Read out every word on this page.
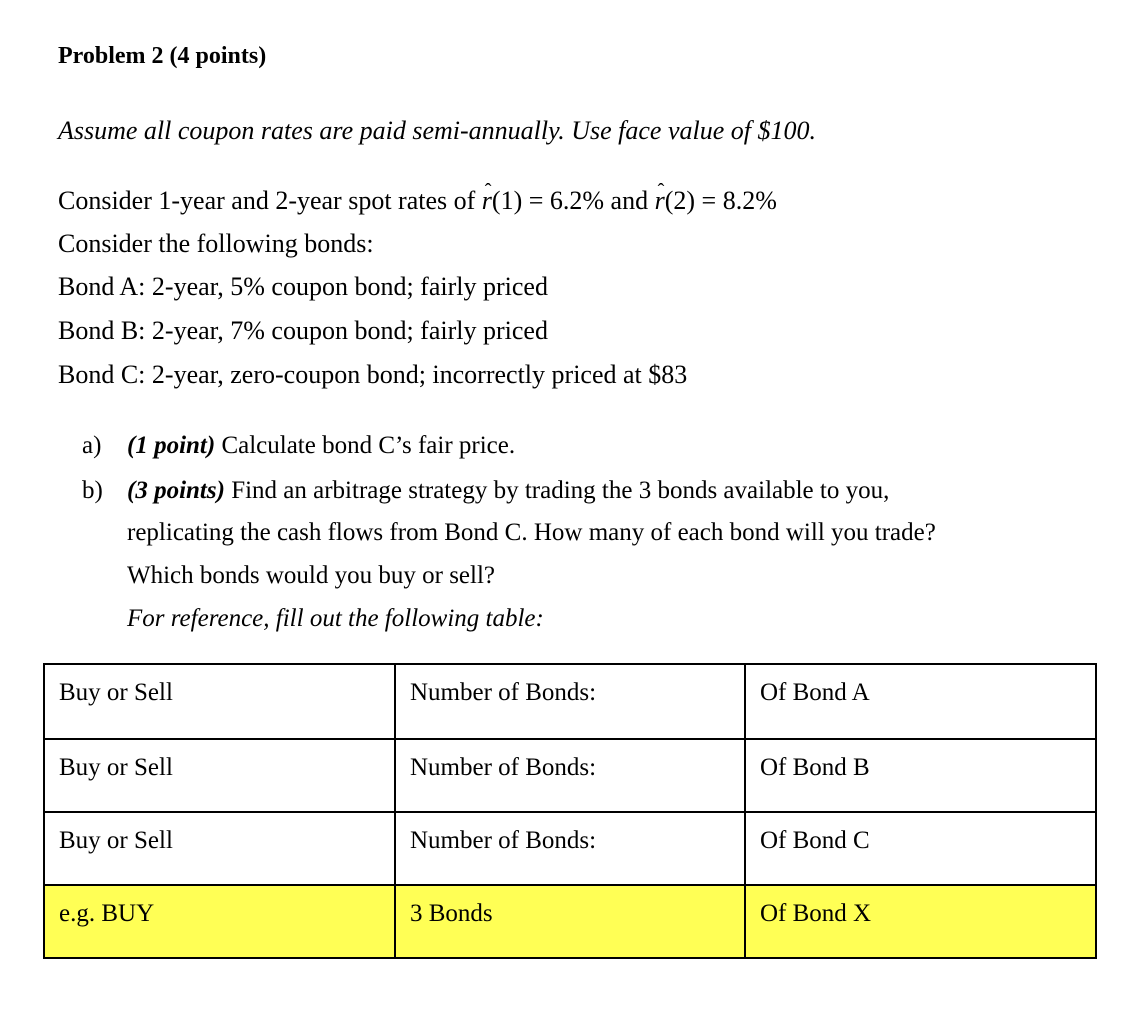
Problem 2 (4 points)
Assume all coupon rates are paid semi-annually. Use face value of $100.
Consider 1-year and 2-year spot rates of r ˆ(1) = 6.2% and r ˆ(2) = 8.2%
Consider the following bonds:
Bond A: 2-year, 5% coupon bond; fairly priced
Bond B: 2-year, 7% coupon bond; fairly priced
Bond C: 2-year, zero-coupon bond; incorrectly priced at $83
a) (1 point) Calculate bond C’s fair price.
b) (3 points) Find an arbitrage strategy by trading the 3 bonds available to you,
replicating the cash flows from Bond C. How many of each bond will you trade?
Which bonds would you buy or sell?
For reference, fill out the following table:
Buy or Sell	Number of Bonds:	Of Bond A
Buy or Sell	Number of Bonds:	Of Bond B
Buy or Sell	Number of Bonds:	Of Bond C
e.g. BUY	3 Bonds	Of Bond X
